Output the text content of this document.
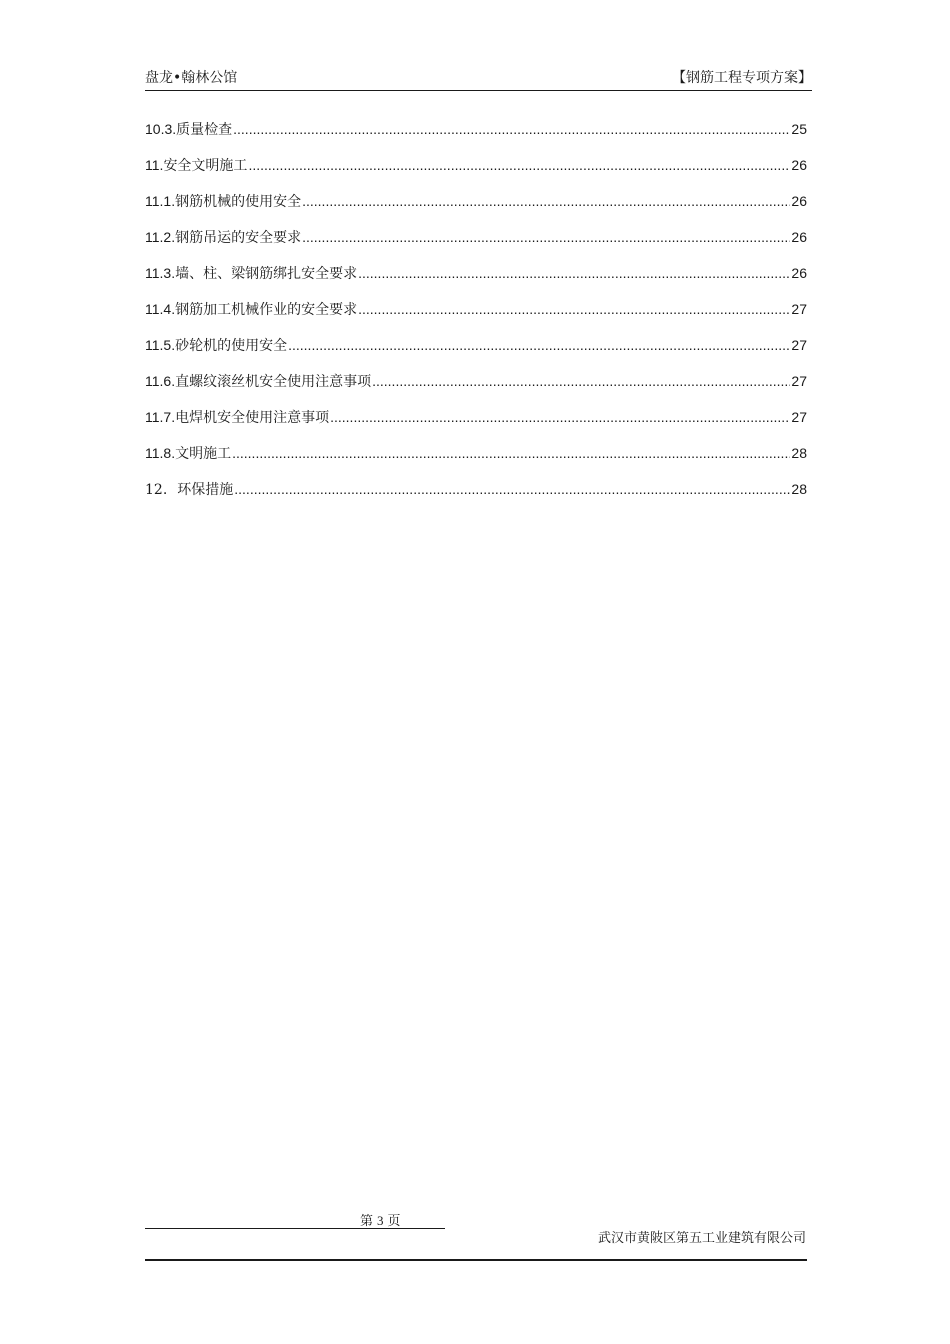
盘龙•翰林公馆	【钢筋工程专项方案】
10.3. 质量检查 .....	25
11. 安全文明施工 .....	26
11.1. 钢筋机械的使用安全 .....	26
11.2. 钢筋吊运的安全要求 .....	26
11.3. 墙、柱、梁钢筋绑扎安全要求 .....	26
11.4. 钢筋加工机械作业的安全要求 .....	27
11.5. 砂轮机的使用安全 .....	27
11.6. 直螺纹滚丝机安全使用注意事项 .....	27
11.7. 电焊机安全使用注意事项 .....	27
11.8. 文明施工 .....	28
12. 环保措施 .....	28
第 3 页
武汉市黄陂区第五工业建筑有限公司
